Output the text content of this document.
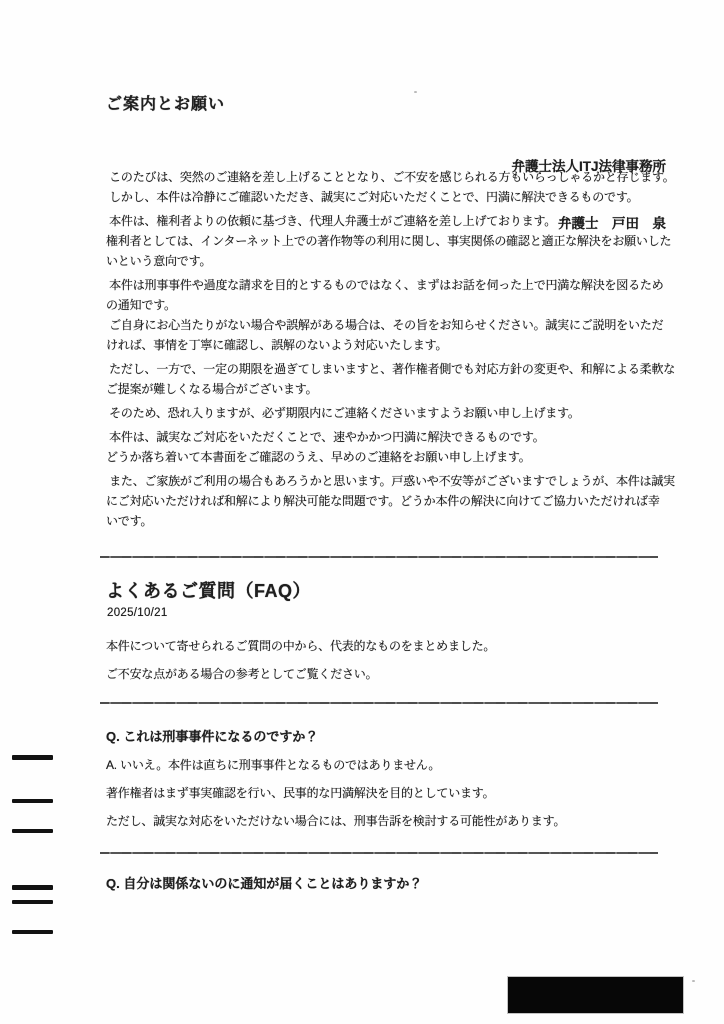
ご案内とお願い

弁護士法人ITJ法律事務所

弁護士　戸田　泉

このたびは、突然のご連絡を差し上げることとなり、ご不安を感じられる方もいらっしゃるかと存じます。
しかし、本件は冷静にご確認いただき、誠実にご対応いただくことで、円満に解決できるものです。
本件は、権利者よりの依頼に基づき、代理人弁護士がご連絡を差し上げております。
権利者としては、インターネット上での著作物等の利用に関し、事実関係の確認と適正な解決をお願いした
いという意向です。
本件は刑事事件や過度な請求を目的とするものではなく、まずはお話を伺った上で円満な解決を図るため
の通知です。
ご自身にお心当たりがない場合や誤解がある場合は、その旨をお知らせください。誠実にご説明をいただ
ければ、事情を丁寧に確認し、誤解のないよう対応いたします。
ただし、一方で、一定の期限を過ぎてしまいますと、著作権者側でも対応方針の変更や、和解による柔軟な
ご提案が難しくなる場合がございます。
そのため、恐れ入りますが、必ず期限内にご連絡くださいますようお願い申し上げます。
本件は、誠実なご対応をいただくことで、速やかかつ円満に解決できるものです。
どうか落ち着いて本書面をご確認のうえ、早めのご連絡をお願い申し上げます。
また、ご家族がご利用の場合もあろうかと思います。戸惑いや不安等がございますでしょうが、本件は誠実
にご対応いただければ和解により解決可能な問題です。どうか本件の解決に向けてご協力いただければ幸
いです。
よくあるご質問（FAQ）
2025/10/21
本件について寄せられるご質問の中から、代表的なものをまとめました。
ご不安な点がある場合の参考としてご覧ください。
Q. これは刑事事件になるのですか？
A. いいえ。本件は直ちに刑事事件となるものではありません。
著作権者はまず事実確認を行い、民事的な円満解決を目的としています。
ただし、誠実な対応をいただけない場合には、刑事告訴を検討する可能性があります。
Q. 自分は関係ないのに通知が届くことはありますか？
